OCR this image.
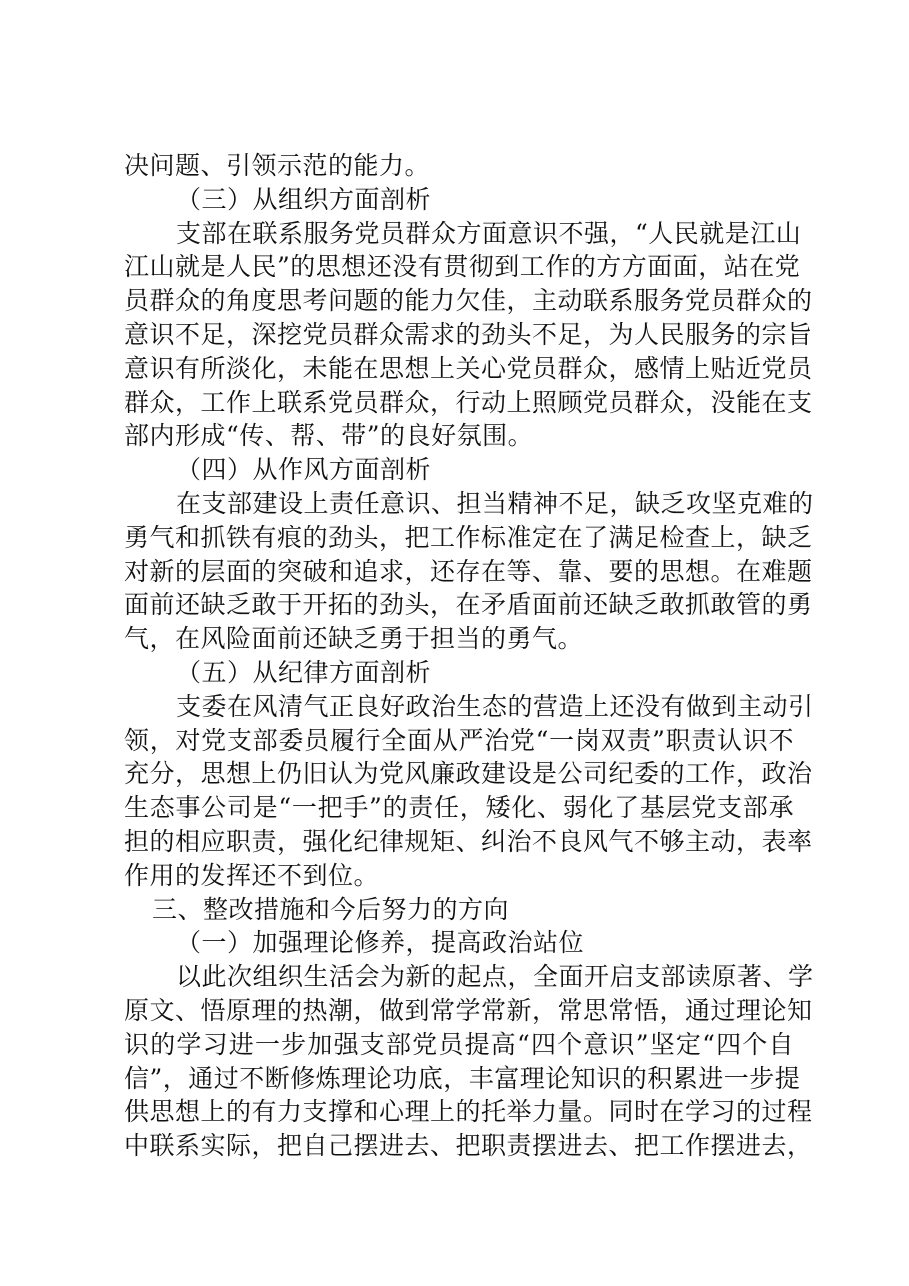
决问题、引领示范的能力。
（三）从组织方面剖析
支部在联系服务党员群众方面意识不强，“人民就是江山
江山就是人民”的思想还没有贯彻到工作的方方面面，站在党
员群众的角度思考问题的能力欠佳，主动联系服务党员群众的
意识不足，深挖党员群众需求的劲头不足，为人民服务的宗旨
意识有所淡化，未能在思想上关心党员群众，感情上贴近党员
群众，工作上联系党员群众，行动上照顾党员群众，没能在支
部内形成“传、帮、带”的良好氛围。
（四）从作风方面剖析
在支部建设上责任意识、担当精神不足，缺乏攻坚克难的
勇气和抓铁有痕的劲头，把工作标准定在了满足检查上，缺乏
对新的层面的突破和追求，还存在等、靠、要的思想。在难题
面前还缺乏敢于开拓的劲头，在矛盾面前还缺乏敢抓敢管的勇
气，在风险面前还缺乏勇于担当的勇气。
（五）从纪律方面剖析
支委在风清气正良好政治生态的营造上还没有做到主动引
领，对党支部委员履行全面从严治党“一岗双责”职责认识不
充分，思想上仍旧认为党风廉政建设是公司纪委的工作，政治
生态事公司是“一把手”的责任，矮化、弱化了基层党支部承
担的相应职责，强化纪律规矩、纠治不良风气不够主动，表率
作用的发挥还不到位。
三、整改措施和今后努力的方向
（一）加强理论修养，提高政治站位
以此次组织生活会为新的起点，全面开启支部读原著、学
原文、悟原理的热潮，做到常学常新，常思常悟，通过理论知
识的学习进一步加强支部党员提高“四个意识”坚定“四个自
信”，通过不断修炼理论功底，丰富理论知识的积累进一步提
供思想上的有力支撑和心理上的托举力量。同时在学习的过程
中联系实际，把自己摆进去、把职责摆进去、把工作摆进去，
